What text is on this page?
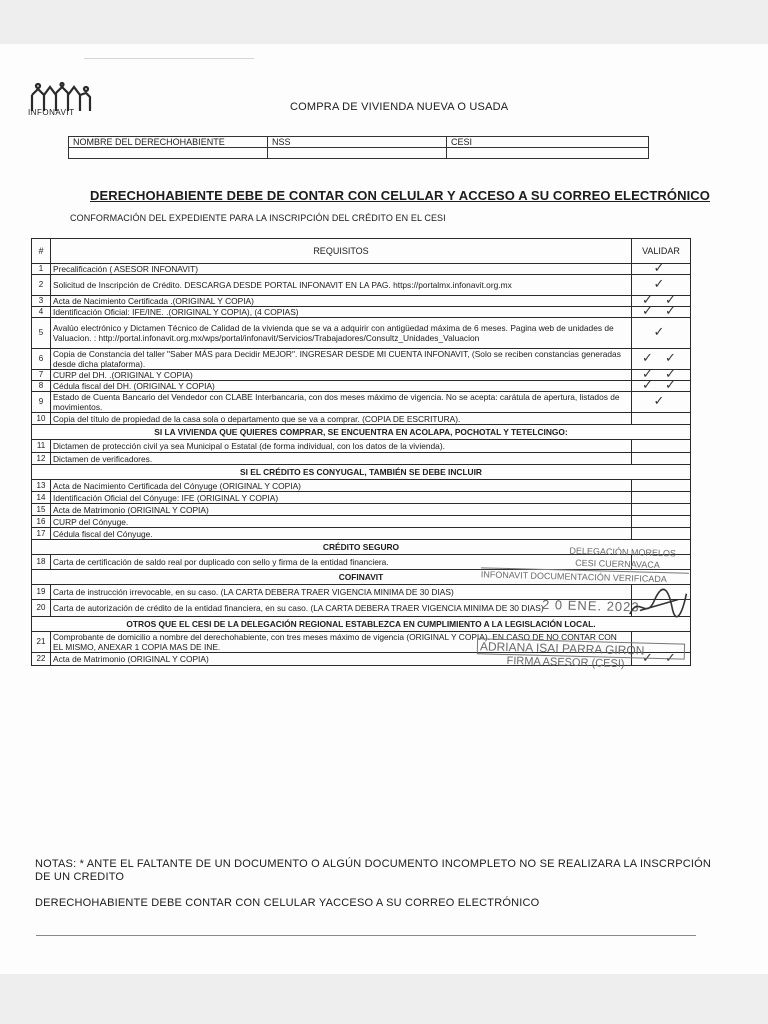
INFONAVIT	COMPRA DE VIVIENDA NUEVA O USADA
NOMBRE DEL DERECHOHABIENTE	NSS	CESI

DERECHOHABIENTE DEBE DE CONTAR CON CELULAR Y ACCESO A SU CORREO ELECTRÓNICO
CONFORMACIÓN DEL EXPEDIENTE PARA LA INSCRIPCIÓN DEL CRÉDITO EN EL CESI
#	REQUISITOS	VALIDAR
1	Precalificación ( ASESOR INFONAVIT)	✓
2	Solicitud de Inscripción de Crédito. DESCARGA DESDE PORTAL INFONAVIT EN LA PAG. https://portalmx.infonavit.org.mx	✓
3	Acta de Nacimiento Certificada .(ORIGINAL Y COPIA)	✓ ✓
4	Identificación Oficial: IFE/INE. .(ORIGINAL Y COPIA), (4 COPIAS)	✓ ✓
5	Avalúo electrónico y Dictamen Técnico de Calidad de la vivienda que se va a adquirir con antigüedad máxima de 6 meses. Pagina web de unidades de Valuacion. : http://portal.infonavit.org.mx/wps/portal/infonavit/Servicios/Trabajadores/Consultz_Unidades_Valuacion	✓
6	Copia de Constancia del taller "Saber MÁS para Decidir MEJOR". INGRESAR DESDE MI CUENTA INFONAVIT, (Solo se reciben constancias generadas desde dicha plataforma).	✓ ✓
7	CURP del DH. .(ORIGINAL Y COPIA)	✓ ✓
8	Cédula fiscal del DH. (ORIGINAL Y COPIA)	✓ ✓
9	Estado de Cuenta Bancario del Vendedor con CLABE Interbancaria, con dos meses máximo de vigencia. No se acepta: carátula de apertura, listados de movimientos.	✓
10	Copia del título de propiedad de la casa sola o departamento que se va a comprar. (COPIA DE ESCRITURA).	
SI LA VIVIENDA QUE QUIERES COMPRAR, SE ENCUENTRA EN ACOLAPA, POCHOTAL Y TETELCINGO:		
11	Dictamen de protección civil ya sea Municipal o Estatal (de forma individual, con los datos de la vivienda).	
12	Dictamen de verificadores.	
SI EL CRÉDITO ES CONYUGAL, TAMBIÉN SE DEBE INCLUIR		
13	Acta de Nacimiento Certificada del Cónyuge (ORIGINAL Y COPIA)	
14	Identificación Oficial del Cónyuge: IFE (ORIGINAL Y COPIA)	
15	Acta de Matrimonio (ORIGINAL Y COPIA)	
16	CURP del Cónyuge.	
17	Cédula fiscal del Cónyuge.	
CRÉDITO SEGURO		
18	Carta de certificación de saldo real por duplicado con sello y firma de la entidad financiera.	
COFINAVIT		
19	Carta de instrucción irrevocable, en su caso. (LA CARTA DEBERA TRAER VIGENCIA MINIMA DE 30 DIAS)	
20	Carta de autorización de crédito de la entidad financiera, en su caso. (LA CARTA DEBERA TRAER VIGENCIA MINIMA DE 30 DIAS)	
OTROS QUE EL CESI DE LA DELEGACIÓN REGIONAL ESTABLEZCA EN CUMPLIMIENTO A LA LEGISLACIÓN LOCAL.		
21	Comprobante de domicilio a nombre del derechohabiente, con tres meses máximo de vigencia (ORIGINAL Y COPIA). EN CASO DE NO CONTAR CON EL MISMO, ANEXAR 1 COPIA MAS DE INE.	
22	Acta de Matrimonio (ORIGINAL Y COPIA)	✓ ✓
DELEGACIÓN MORELOS
CESI CUERNAVACA
INFONAVIT DOCUMENTACIÓN VERIFICADA
2 0 ENE. 2023
ADRIANA ISAI PARRA GIRON
FIRMA ASESOR (CESI)
NOTAS: * ANTE EL FALTANTE DE UN DOCUMENTO O ALGÚN DOCUMENTO INCOMPLETO NO SE REALIZARA LA INSCRPCIÓN DE UN CREDITO
DERECHOHABIENTE DEBE CONTAR CON CELULAR YACCESO A SU CORREO ELECTRÓNICO
